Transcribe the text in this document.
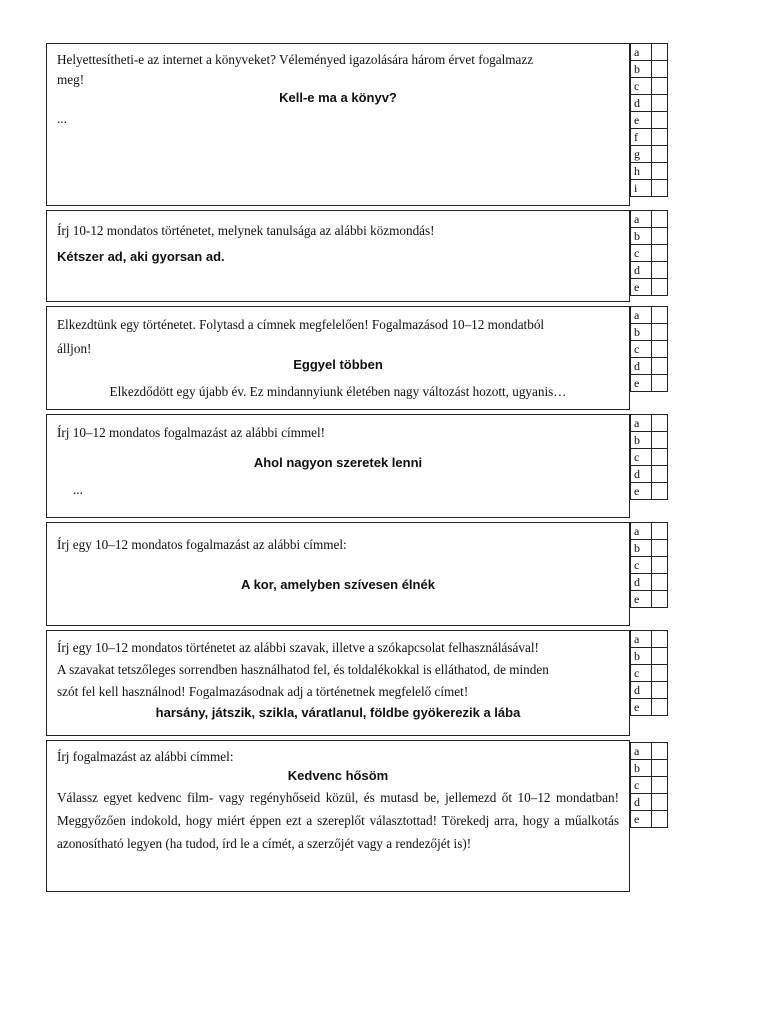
Helyettesítheti-e az internet a könyveket? Véleményed igazolására három érvet fogalmazz

meg!

Kell-e ma a könyv?

...

a	
b	
c	
d	
e	
f	
g	
h	
i	

Írj 10-12 mondatos történetet, melynek tanulsága az alábbi közmondás!

Kétszer ad, aki gyorsan ad.

a	
b	
c	
d	
e	

Elkezdtünk egy történetet. Folytasd a címnek megfelelően! Fogalmazásod 10–12 mondatból

álljon!

Eggyel többen

Elkezdődött egy újabb év. Ez mindannyiunk életében nagy változást hozott, ugyanis…

a	
b	
c	
d	
e	

Írj 10–12 mondatos fogalmazást az alábbi címmel!

Ahol nagyon szeretek lenni

...

a	
b	
c	
d	
e	

Írj egy 10–12 mondatos fogalmazást az alábbi címmel:

A kor, amelyben szívesen élnék

a	
b	
c	
d	
e	

Írj egy 10–12 mondatos történetet az alábbi szavak, illetve a szókapcsolat felhasználásával!

A szavakat tetszőleges sorrendben használhatod fel, és toldalékokkal is elláthatod, de minden

szót fel kell használnod! Fogalmazásodnak adj a történetnek megfelelő címet!

harsány, játszik, szikla, váratlanul, földbe gyökerezik a lába

a	
b	
c	
d	
e	

Írj fogalmazást az alábbi címmel:

Kedvenc hősöm

Válassz egyet kedvenc film- vagy regényhőseid közül, és mutasd be, jellemezd őt 10–12 mondatban! Meggyőzően indokold, hogy miért éppen ezt a szereplőt választottad! Törekedj arra, hogy a műalkotás azonosítható legyen (ha tudod, írd le a címét, a szerzőjét vagy a rendezőjét is)!

a	
b	
c	
d	
e	
